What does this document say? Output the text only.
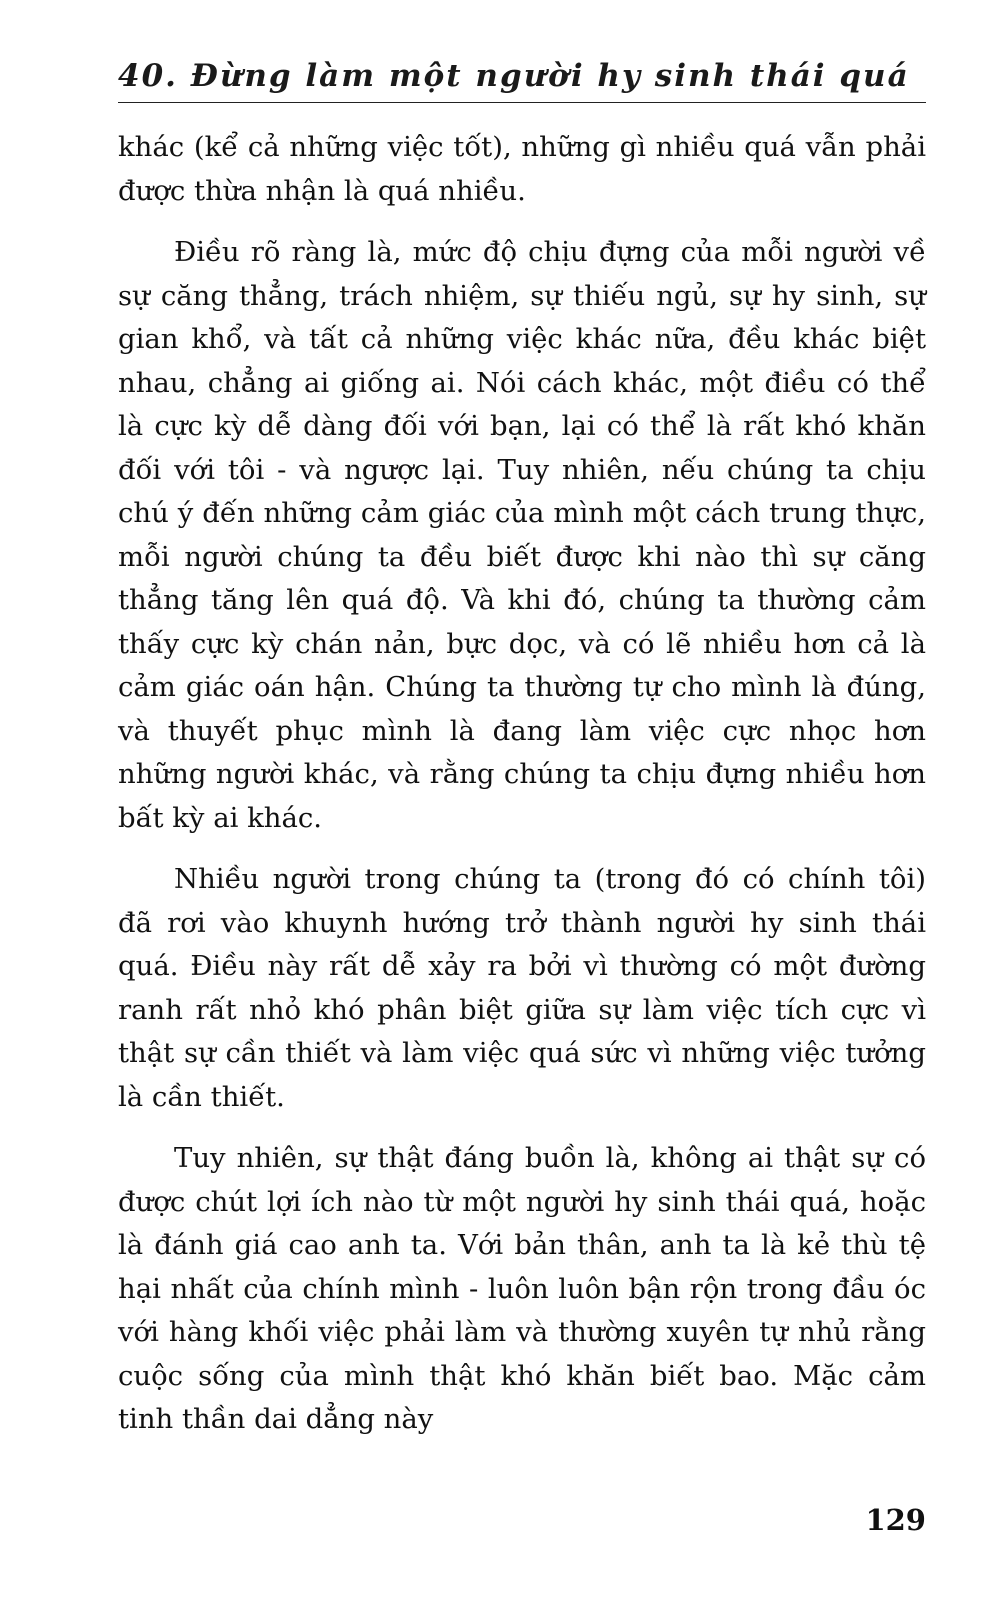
40. Đừng làm một người hy sinh thái quá

khác (kể cả những việc tốt), những gì nhiều quá vẫn phải được thừa nhận là quá nhiều.

Điều rõ ràng là, mức độ chịu đựng của mỗi người về sự căng thẳng, trách nhiệm, sự thiếu ngủ, sự hy sinh, sự gian khổ, và tất cả những việc khác nữa, đều khác biệt nhau, chẳng ai giống ai. Nói cách khác, một điều có thể là cực kỳ dễ dàng đối với bạn, lại có thể là rất khó khăn đối với tôi - và ngược lại. Tuy nhiên, nếu chúng ta chịu chú ý đến những cảm giác của mình một cách trung thực, mỗi người chúng ta đều biết được khi nào thì sự căng thẳng tăng lên quá độ. Và khi đó, chúng ta thường cảm thấy cực kỳ chán nản, bực dọc, và có lẽ nhiều hơn cả là cảm giác oán hận. Chúng ta thường tự cho mình là đúng, và thuyết phục mình là đang làm việc cực nhọc hơn những người khác, và rằng chúng ta chịu đựng nhiều hơn bất kỳ ai khác.

Nhiều người trong chúng ta (trong đó có chính tôi) đã rơi vào khuynh hướng trở thành người hy sinh thái quá. Điều này rất dễ xảy ra bởi vì thường có một đường ranh rất nhỏ khó phân biệt giữa sự làm việc tích cực vì thật sự cần thiết và làm việc quá sức vì những việc tưởng là cần thiết.

Tuy nhiên, sự thật đáng buồn là, không ai thật sự có được chút lợi ích nào từ một người hy sinh thái quá, hoặc là đánh giá cao anh ta. Với bản thân, anh ta là kẻ thù tệ hại nhất của chính mình - luôn luôn bận rộn trong đầu óc với hàng khối việc phải làm và thường xuyên tự nhủ rằng cuộc sống của mình thật khó khăn biết bao. Mặc cảm tinh thần dai dẳng này

129
